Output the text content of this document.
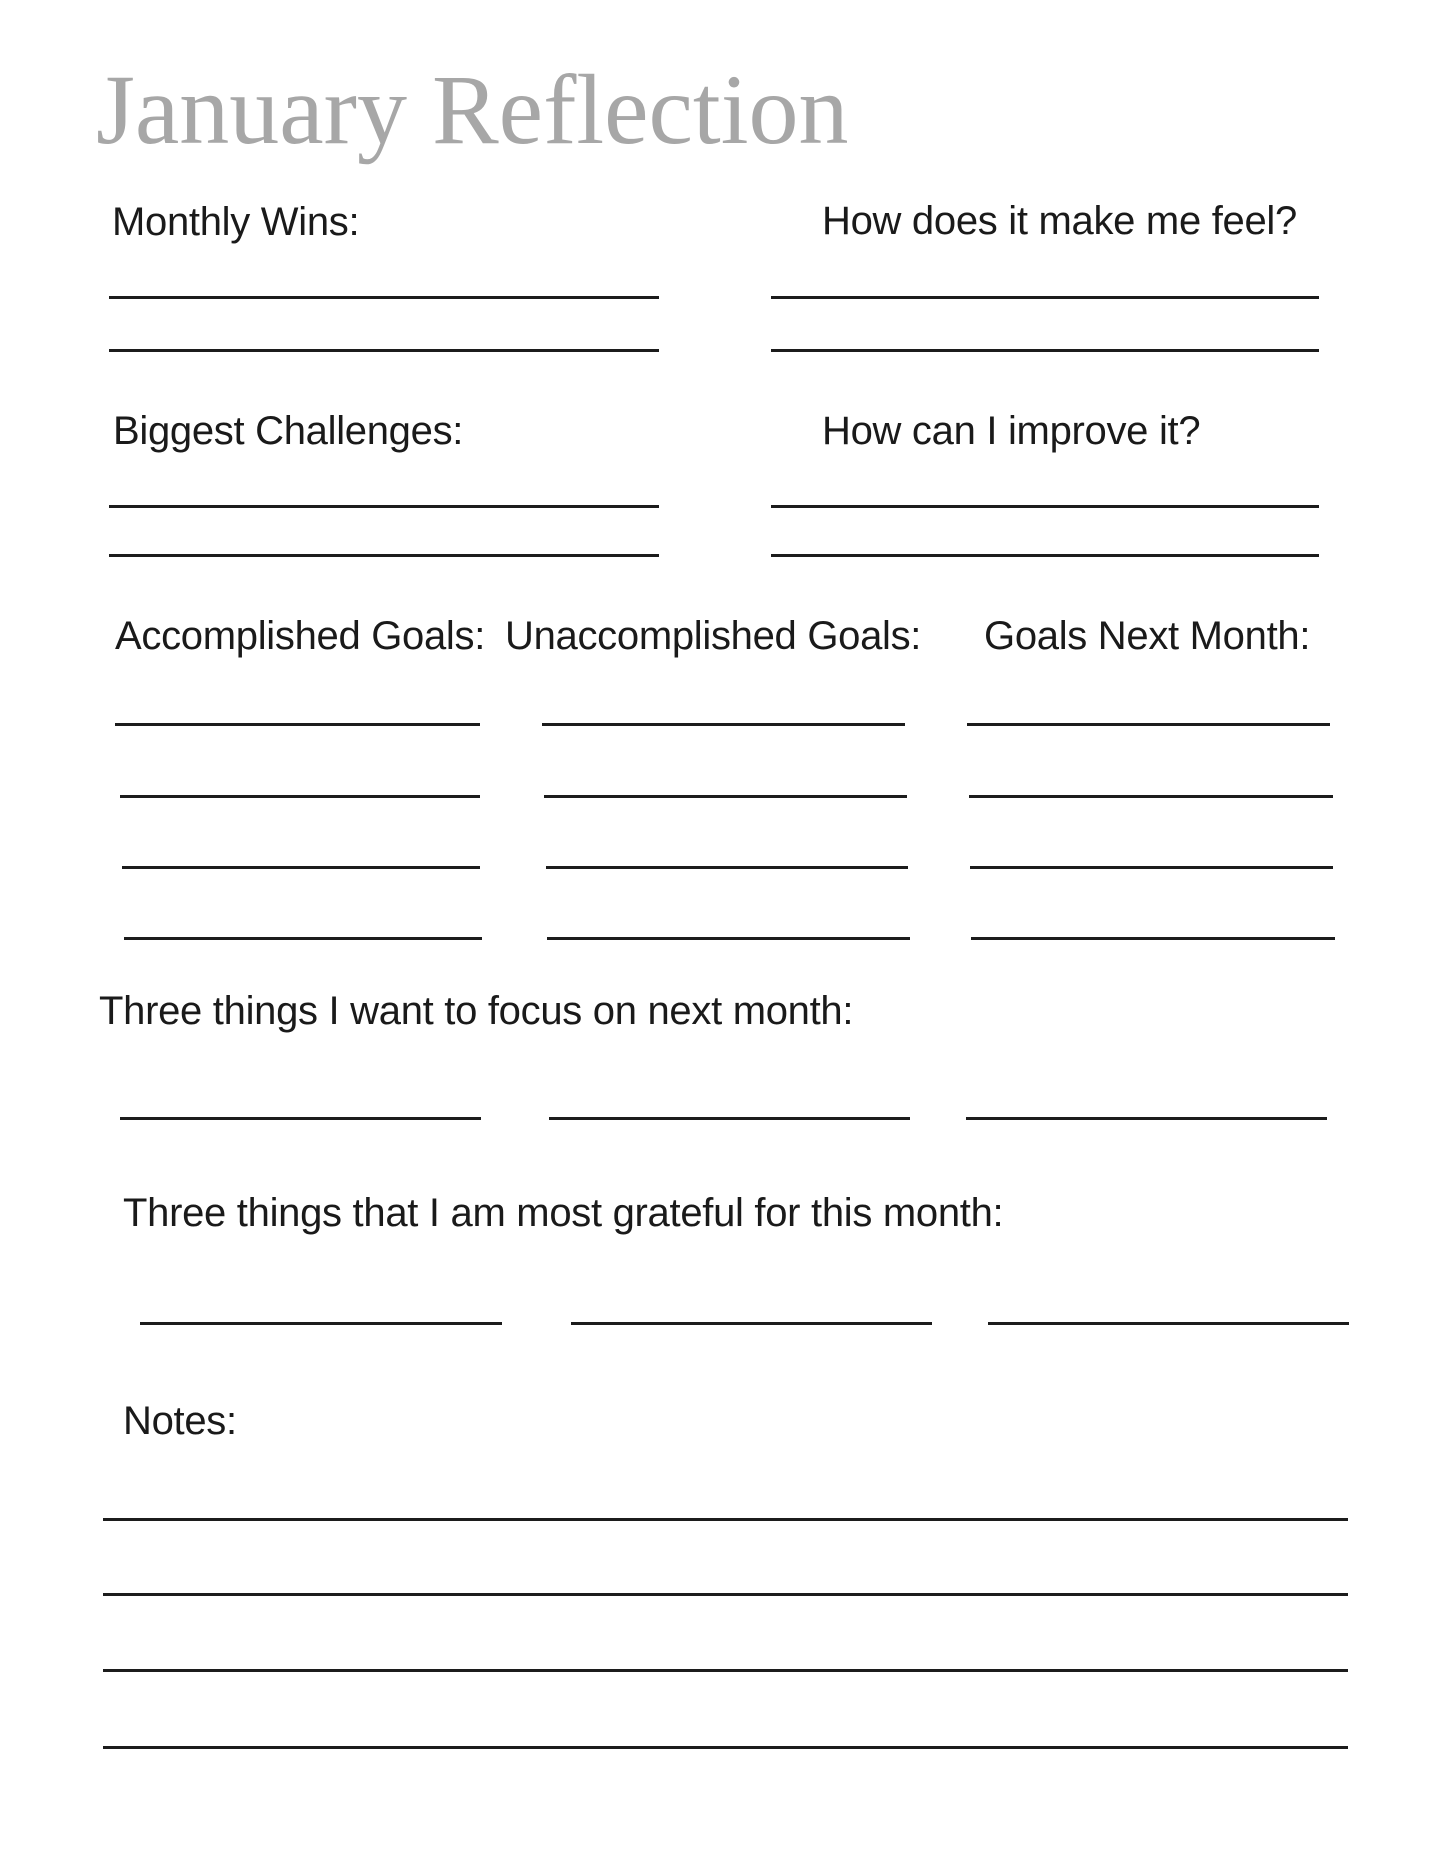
January Reflection
Monthly Wins:	How does it make me feel?
Biggest Challenges:	How can I improve it?
Accomplished Goals: Unaccomplished Goals: Goals Next Month:
Three things I want to focus on next month:
Three things that I am most grateful for this month:
Notes:
